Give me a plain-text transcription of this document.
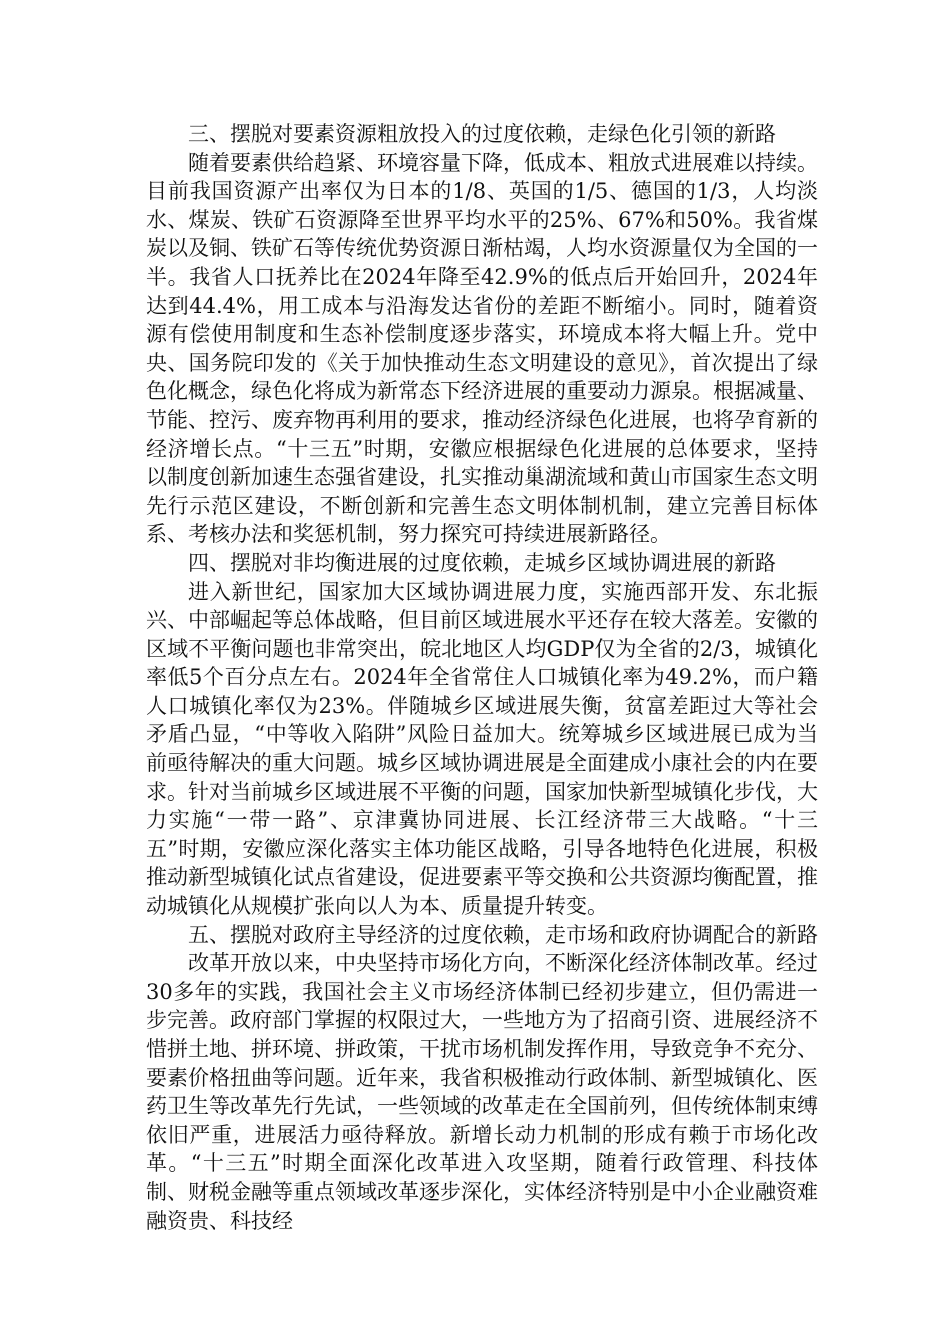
三、摆脱对要素资源粗放投入的过度依赖，走绿色化引领的新路

随着要素供给趋紧、环境容量下降，低成本、粗放式进展难以持续。目前我国资源产出率仅为日本的1/8、英国的1/5、德国的1/3，人均淡水、煤炭、铁矿石资源降至世界平均水平的25%、67%和50%。我省煤炭以及铜、铁矿石等传统优势资源日渐枯竭，人均水资源量仅为全国的一半。我省人口抚养比在2024年降至42.9%的低点后开始回升，2024年达到44.4%，用工成本与沿海发达省份的差距不断缩小。同时，随着资源有偿使用制度和生态补偿制度逐步落实，环境成本将大幅上升。党中央、国务院印发的《关于加快推动生态文明建设的意见》，首次提出了绿色化概念，绿色化将成为新常态下经济进展的重要动力源泉。根据减量、节能、控污、废弃物再利用的要求，推动经济绿色化进展，也将孕育新的经济增长点。“十三五”时期，安徽应根据绿色化进展的总体要求，坚持以制度创新加速生态强省建设，扎实推动巢湖流域和黄山市国家生态文明先行示范区建设，不断创新和完善生态文明体制机制，建立完善目标体系、考核办法和奖惩机制，努力探究可持续进展新路径。

四、摆脱对非均衡进展的过度依赖，走城乡区域协调进展的新路

进入新世纪，国家加大区域协调进展力度，实施西部开发、东北振兴、中部崛起等总体战略，但目前区域进展水平还存在较大落差。安徽的区域不平衡问题也非常突出，皖北地区人均GDP仅为全省的2/3，城镇化率低5个百分点左右。2024年全省常住人口城镇化率为49.2%，而户籍人口城镇化率仅为23%。伴随城乡区域进展失衡，贫富差距过大等社会矛盾凸显，“中等收入陷阱”风险日益加大。统筹城乡区域进展已成为当前亟待解决的重大问题。城乡区域协调进展是全面建成小康社会的内在要求。针对当前城乡区域进展不平衡的问题，国家加快新型城镇化步伐，大力实施“一带一路”、京津冀协同进展、长江经济带三大战略。“十三五”时期，安徽应深化落实主体功能区战略，引导各地特色化进展，积极推动新型城镇化试点省建设，促进要素平等交换和公共资源均衡配置，推动城镇化从规模扩张向以人为本、质量提升转变。

五、摆脱对政府主导经济的过度依赖，走市场和政府协调配合的新路

改革开放以来，中央坚持市场化方向，不断深化经济体制改革。经过30多年的实践，我国社会主义市场经济体制已经初步建立，但仍需进一步完善。政府部门掌握的权限过大，一些地方为了招商引资、进展经济不惜拼土地、拼环境、拼政策，干扰市场机制发挥作用，导致竞争不充分、要素价格扭曲等问题。近年来，我省积极推动行政体制、新型城镇化、医药卫生等改革先行先试，一些领域的改革走在全国前列，但传统体制束缚依旧严重，进展活力亟待释放。新增长动力机制的形成有赖于市场化改革。“十三五”时期全面深化改革进入攻坚期，随着行政管理、科技体制、财税金融等重点领域改革逐步深化，实体经济特别是中小企业融资难融资贵、科技经
